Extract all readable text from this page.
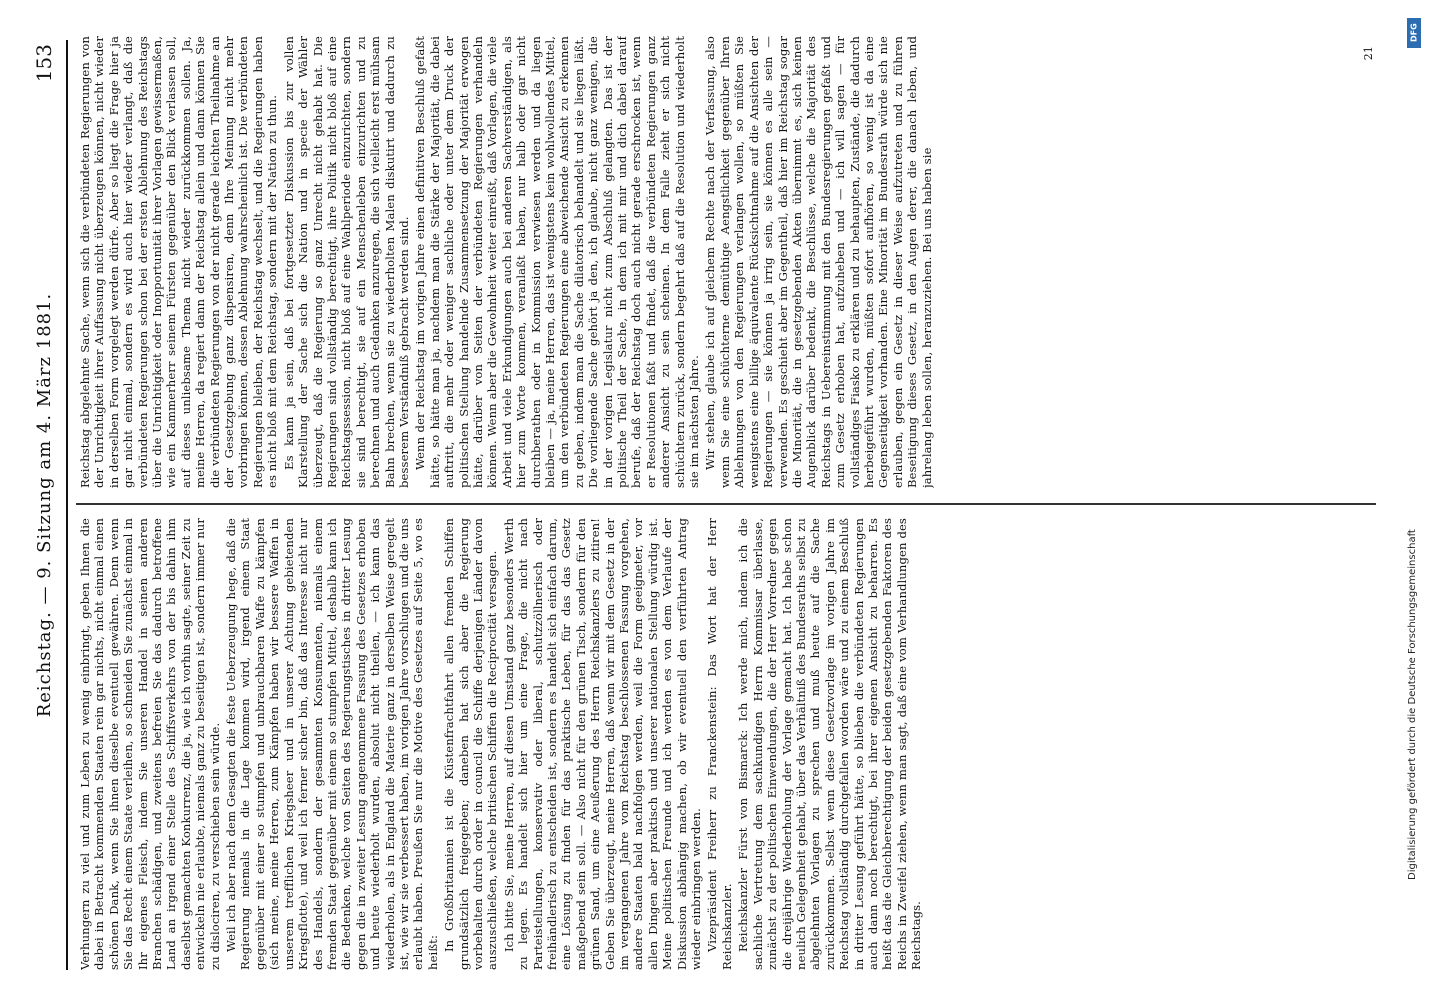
Reichstag. — 9. Sitzung am 4. März 1881.
153

Verhungern zu viel und zum Leben zu wenig einbringt, geben Ihnen die dabei in Betracht kommenden Staaten rein gar nichts, nicht einmal einen schönen Dank, wenn Sie ihnen dieselbe eventuell gewähren. Denn wenn Sie das Recht einem Staate verleihen, so schneiden Sie zunächst einmal in Ihr eigenes Fleisch, indem Sie unseren Handel in seinen anderen Branchen schädigen, und zweitens befreien Sie das dadurch betroffene Land an irgend einer Stelle des Schiffsverkehrs von der bis dahin ihm daselbst gemachten Konkurrenz, die ja, wie ich vorhin sagte, seiner Zeit zu entwickeln nie erlaubte, niemals ganz zu beseitigen ist, sondern immer nur zu dislociren, zu verschieben sein würde. Weil ich aber nach dem Gesagten die feste Ueberzeugung hege, daß die Regierung niemals in die Lage kommen wird, irgend einem Staat gegenüber mit einer so stumpfen und unbrauchbaren Waffe zu kämpfen (sich meine, meine Herren, zum Kämpfen haben wir bessere Waffen in unserem trefflichen Kriegsheer und in unserer Achtung gebietenden Kriegsflotte), und weil ich ferner sicher bin, daß das Interesse nicht nur des Handels, sondern der gesammten Konsumenten, niemals einem fremden Staat gegenüber mit einem so stumpfen Mittel, deshalb kann ich die Bedenken, welche von Seiten des Regierungstisches in dritter Lesung gegen die in zweiter Lesung angenommene Fassung des Gesetzes erhoben und heute wiederholt wurden, absolut nicht theilen, — ich kann das wiederholen, als in England die Materie ganz in derselben Weise geregelt ist, wie wir sie verbessert haben, im vorigen Jahre vorschlugen und die uns erlaubt haben. Preußen Sie nur die Motive des Gesetzes auf Seite 5, wo es heißt:

In Großbritannien ist die Küstenfrachtfahrt allen fremden Schiffen grundsätzlich freigegeben; daneben hat sich aber die Regierung vorbehalten durch order in council die Schiffe derjenigen Länder davon auszuschließen, welche britischen Schiffen die Reciprocität versagen. Ich bitte Sie, meine Herren, auf diesen Umstand ganz besonders Werth zu legen. Es handelt sich hier um eine Frage, die nicht nach Parteistellungen, konservativ oder liberal, schutzzöllnerisch oder freihändlerisch zu entscheiden ist, sondern es handelt sich einfach darum, eine Lösung zu finden für das praktische Leben, für das das Gesetz maßgebend sein soll. — Also nicht für den grünen Tisch, sondern für den grünen Sand, um eine Aeußerung des Herrn Reichskanzlers zu zitiren! Geben Sie überzeugt, meine Herren, daß wenn wir mit dem Gesetz in der im vergangenen Jahre vom Reichstag beschlossenen Fassung vorgehen, andere Staaten bald nachfolgen werden, weil die Form geeigneter, vor allen Dingen aber praktisch und unserer nationalen Stellung würdig ist. Meine politischen Freunde und ich werden es von dem Verlaufe der Diskussion abhängig machen, ob wir eventuell den verführten Antrag wieder einbringen werden. Vizepräsident Freiherr zu Franckenstein: Das Wort hat der Herr Reichskanzler. Reichskanzler Fürst von Bismarck: Ich werde mich, indem ich die sachliche Vertretung dem sachkundigen Herrn Kommissar überlasse, zunächst zu der politischen Einwendungen, die der Herr Vorredner gegen die dreijährige Wiederholung der Vorlage gemacht hat. Ich habe schon neulich Gelegenheit gehabt, über das Verhältniß des Bundesraths selbst zu abgelehnten Vorlagen zu sprechen und muß heute auf die Sache zurückkommen. Selbst wenn diese Gesetzvorlage im vorigen Jahre im Reichstag vollständig durchgefallen worden wäre und zu einem Beschluß in dritter Lesung geführt hätte, so blieben die verbündeten Regierungen auch dann noch berechtigt, bei ihrer eigenen Ansicht zu beharren. Es heißt das die Gleichberechtigung der beiden gesetzgebenden Faktoren des Reichs in Zweifel ziehen, wenn man sagt, daß eine vom Verhandlungen des Reichstags.

Reichstag abgelehnte Sache, wenn sich die verbündeten Regierungen von der Unrichtigkeit ihrer Auffassung nicht überzeugen können, nicht wieder in derselben Form vorgelegt werden dürfe. Aber so liegt die Frage hier ja gar nicht einmal, sondern es wird auch hier wieder verlangt, daß die verbündeten Regierungen schon bei der ersten Ablehnung des Reichstags über die Unrichtigkeit oder Inopportunität ihrer Vorlagen gewissermaßen, wie ein Kammerherr seinem Fürsten gegenüber den Blick verlassen soll, auf dieses unliebsame Thema nicht wieder zurückkommen sollen. Ja, meine Herren, da regiert dann der Reichstag allein und dann können Sie die verbündeten Regierungen von der nicht gerade leichten Theilnahme an der Gesetzgebung ganz dispensiren, denn Ihre Meinung nicht mehr vorbringen können, dessen Ablehnung wahrscheinlich ist. Die verbündeten Regierungen bleiben, der Reichstag wechselt, und die Regierungen haben es nicht bloß mit dem Reichstag, sondern mit der Nation zu thun. Es kann ja sein, daß bei fortgesetzter Diskussion bis zur vollen Klarstellung der Sache sich die Nation und in specie der Wähler überzeugt, daß die Regierung so ganz Unrecht nicht gehabt hat. Die Regierungen sind vollständig berechtigt, ihre Politik nicht bloß auf eine Reichstagssession, nicht bloß auf eine Wahlperiode einzurichten, sondern sie sind berechtigt, sie auf ein Menschenleben einzurichten und zu berechnen und auch Gedanken anzuregen, die sich vielleicht erst mühsam Bahn brechen, wenn sie zu wiederholten Malen diskutirt und dadurch zu besserem Verständniß gebracht werden sind. Wenn der Reichstag im vorigen Jahre einen definitiven Beschluß gefaßt hätte, so hätte man ja, nachdem man die Stärke der Majorität, die dabei auftritt, die mehr oder weniger sachliche oder unter dem Druck der politischen Stellung handelnde Zusammensetzung der Majorität erwogen hätte, darüber von Seiten der verbündeten Regierungen verhandeln können. Wenn aber die Gewohnheit weiter einreißt, daß Vorlagen, die viele Arbeit und viele Erkundigungen auch bei anderen Sachverständigen, als hier zum Worte kommen, veranlaßt haben, nur halb oder gar nicht durchberathen oder in Kommission verwiesen werden und da liegen bleiben — ja, meine Herren, das ist wenigstens kein wohlwollendes Mittel, um den verbündeten Regierungen eine abweichende Ansicht zu erkennen zu geben, indem man die Sache dilatorisch behandelt und sie liegen läßt. Die vorliegende Sache gehört ja den, ich glaube, nicht ganz wenigen, die in der vorigen Legislatur nicht zum Abschluß gelangten. Das ist der politische Theil der Sache, in dem ich mit mir und dich dabei darauf berufe, daß der Reichstag doch auch nicht gerade erschrocken ist, wenn er Resolutionen faßt und findet, daß die verbündeten Regierungen ganz anderer Ansicht zu sein scheinen. In dem Falle zieht er sich nicht schüchtern zurück, sondern begehrt daß auf die Resolution und wiederholt sie im nächsten Jahre. Wir stehen, glaube ich auf gleichem Rechte nach der Verfassung, also wenn Sie eine schüchterne demüthige Aengstlichkeit gegenüber Ihren Ablehnungen von den Regierungen verlangen wollen, so müßten Sie wenigstens eine billige äquivalente Rücksichtnahme auf die Ansichten der Regierungen — sie können ja irrig sein, sie können es alle sein — verwenden. Es geschieht aber im Gegentheil, daß hier im Reichstag sogar die Minorität, die in gesetzgebenden Akten übernimmt es, sich keinen Augenblick darüber bedenkt, die Beschlüsse, welche die Majorität des Reichstags in Uebereinstimmung mit den Bundesregierungen gefaßt und zum Gesetz erhoben hat, aufzuheben und — ich will sagen — für vollständiges Fiasko zu erklären und zu behaupten, Zustände, die dadurch herbeigeführt wurden, müßten sofort aufhören, so wenig ist da eine Gegenseitigkeit vorhanden. Eine Minorität im Bundesrath würde sich nie erlauben, gegen ein Gesetz in dieser Weise aufzutreten und zu führen Beseitigung dieses Gesetz, in den Augen derer, die danach leben, und jahrelang leben sollen, heranzuziehen. Bei uns haben sie

21
DFG
Digitalisierung gefördert durch die Deutsche Forschungsgemeinschaft
